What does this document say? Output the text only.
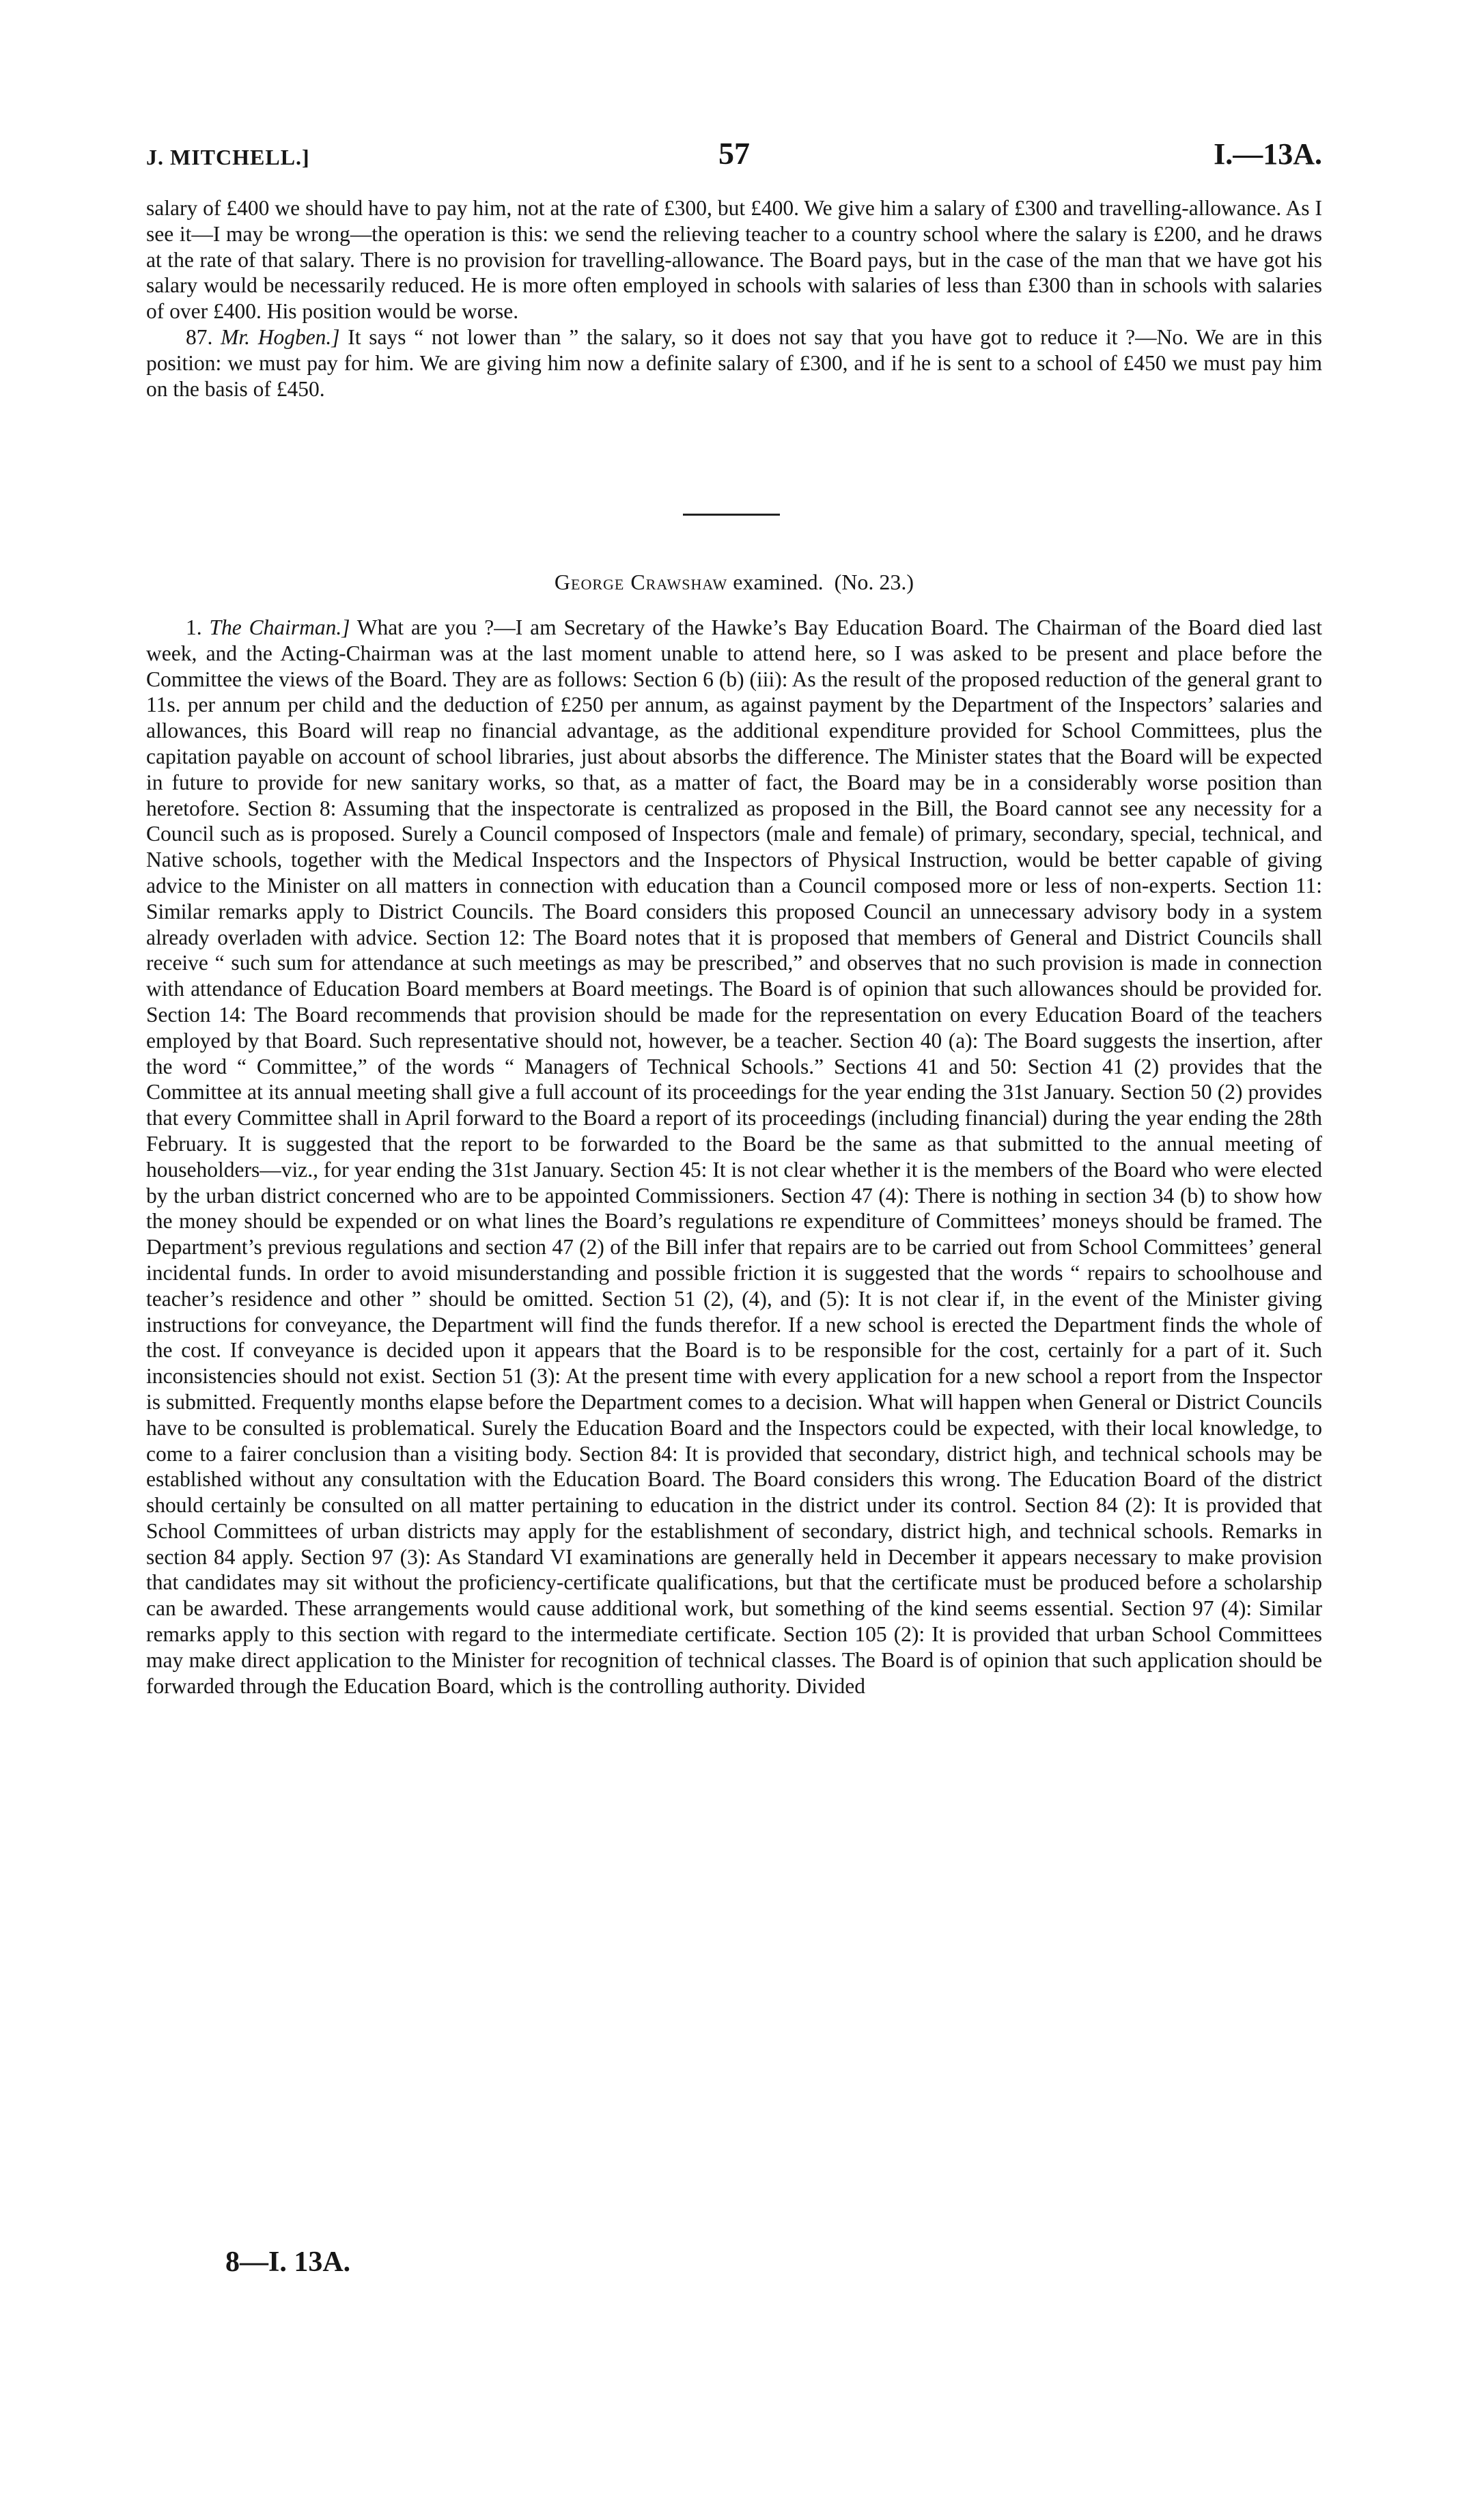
J. MITCHELL.]	57	I.—13A.

salary of £400 we should have to pay him, not at the rate of £300, but £400. We give him a salary of £300 and travelling-allowance. As I see it—I may be wrong—the operation is this: we send the relieving teacher to a country school where the salary is £200, and he draws at the rate of that salary. There is no provision for travelling-allowance. The Board pays, but in the case of the man that we have got his salary would be necessarily reduced. He is more often employed in schools with salaries of less than £300 than in schools with salaries of over £400. His position would be worse.

87. Mr. Hogben.] It says “ not lower than ” the salary, so it does not say that you have got to reduce it ?—No. We are in this position: we must pay for him. We are giving him now a definite salary of £300, and if he is sent to a school of £450 we must pay him on the basis of £450.

George Crawshaw examined. (No. 23.)

1. The Chairman.] What are you ?—I am Secretary of the Hawke’s Bay Education Board. The Chairman of the Board died last week, and the Acting-Chairman was at the last moment unable to attend here, so I was asked to be present and place before the Committee the views of the Board. They are as follows: Section 6 (b) (iii): As the result of the proposed reduction of the general grant to 11s. per annum per child and the deduction of £250 per annum, as against payment by the Department of the Inspectors’ salaries and allowances, this Board will reap no financial advantage, as the additional expenditure provided for School Committees, plus the capitation payable on account of school libraries, just about absorbs the difference. The Minister states that the Board will be expected in future to provide for new sanitary works, so that, as a matter of fact, the Board may be in a considerably worse position than heretofore. Section 8: Assuming that the inspectorate is centralized as proposed in the Bill, the Board cannot see any necessity for a Council such as is proposed. Surely a Council composed of Inspectors (male and female) of primary, secondary, special, technical, and Native schools, together with the Medical Inspectors and the Inspectors of Physical Instruction, would be better capable of giving advice to the Minister on all matters in connection with education than a Council composed more or less of non-experts. Section 11: Similar remarks apply to District Councils. The Board considers this proposed Council an unnecessary advisory body in a system already overladen with advice. Section 12: The Board notes that it is proposed that members of General and District Councils shall receive “ such sum for attendance at such meetings as may be prescribed,” and observes that no such provision is made in connection with attendance of Education Board members at Board meetings. The Board is of opinion that such allowances should be provided for. Section 14: The Board recommends that provision should be made for the representation on every Education Board of the teachers employed by that Board. Such representative should not, however, be a teacher. Section 40 (a): The Board suggests the insertion, after the word “ Committee,” of the words “ Managers of Technical Schools.” Sections 41 and 50: Section 41 (2) provides that the Committee at its annual meeting shall give a full account of its proceedings for the year ending the 31st January. Section 50 (2) provides that every Committee shall in April forward to the Board a report of its proceedings (including financial) during the year ending the 28th February. It is suggested that the report to be forwarded to the Board be the same as that submitted to the annual meeting of householders—viz., for year ending the 31st January. Section 45: It is not clear whether it is the members of the Board who were elected by the urban district concerned who are to be appointed Commissioners. Section 47 (4): There is nothing in section 34 (b) to show how the money should be expended or on what lines the Board’s regulations re expenditure of Committees’ moneys should be framed. The Department’s previous regulations and section 47 (2) of the Bill infer that repairs are to be carried out from School Committees’ general incidental funds. In order to avoid misunderstanding and possible friction it is suggested that the words “ repairs to schoolhouse and teacher’s residence and other ” should be omitted. Section 51 (2), (4), and (5): It is not clear if, in the event of the Minister giving instructions for conveyance, the Department will find the funds therefor. If a new school is erected the Department finds the whole of the cost. If conveyance is decided upon it appears that the Board is to be responsible for the cost, certainly for a part of it. Such inconsistencies should not exist. Section 51 (3): At the present time with every application for a new school a report from the Inspector is submitted. Frequently months elapse before the Department comes to a decision. What will happen when General or District Councils have to be consulted is problematical. Surely the Education Board and the Inspectors could be expected, with their local knowledge, to come to a fairer conclusion than a visiting body. Section 84: It is provided that secondary, district high, and technical schools may be established without any consultation with the Education Board. The Board considers this wrong. The Education Board of the district should certainly be consulted on all matter pertaining to education in the district under its control. Section 84 (2): It is provided that School Committees of urban districts may apply for the establishment of secondary, district high, and technical schools. Remarks in section 84 apply. Section 97 (3): As Standard VI examinations are generally held in December it appears necessary to make provision that candidates may sit without the proficiency-certificate qualifications, but that the certificate must be produced before a scholarship can be awarded. These arrangements would cause additional work, but something of the kind seems essential. Section 97 (4): Similar remarks apply to this section with regard to the intermediate certificate. Section 105 (2): It is provided that urban School Committees may make direct application to the Minister for recognition of technical classes. The Board is of opinion that such application should be forwarded through the Education Board, which is the controlling authority. Divided

8—I. 13A.
